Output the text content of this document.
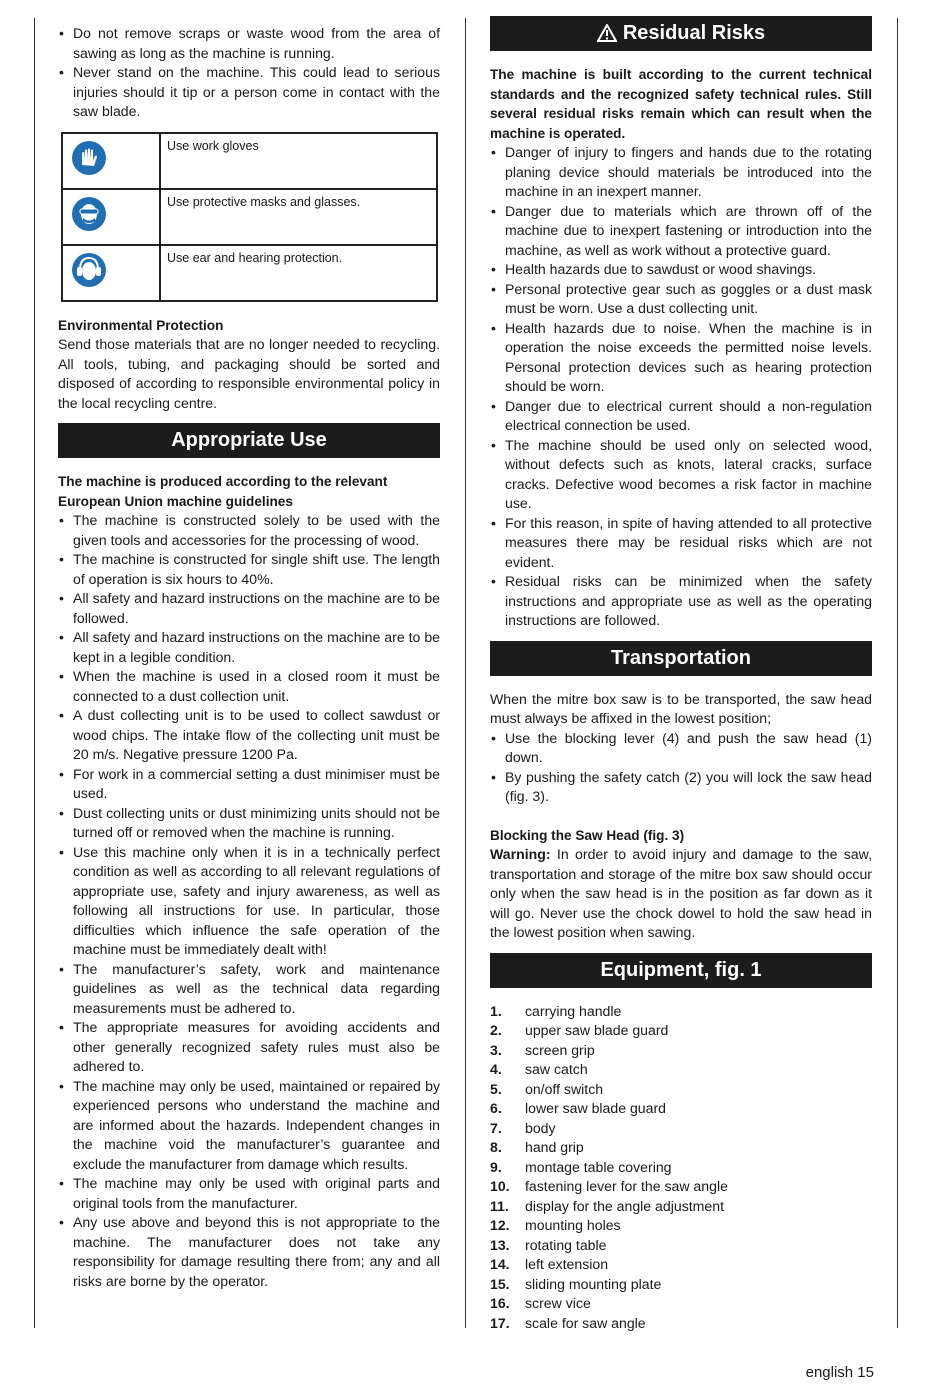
• Do not remove scraps or waste wood from the area of sawing as long as the machine is running.
• Never stand on the machine. This could lead to serious injuries should it tip or a person come in contact with the saw blade.
	Use work gloves

	Use protective masks and glasses.

	Use ear and hearing protection.
Environmental Protection
Send those materials that are no longer needed to recycling. All tools, tubing, and packaging should be sorted and disposed of according to responsible environmental policy in the local recycling centre.
Appropriate Use
The machine is produced according to the relevant European Union machine guidelines
• The machine is constructed solely to be used with the given tools and accessories for the processing of wood.
• The machine is constructed for single shift use. The length of operation is six hours to 40%.
• All safety and hazard instructions on the machine are to be followed.
• All safety and hazard instructions on the machine are to be kept in a legible condition.
• When the machine is used in a closed room it must be connected to a dust collection unit.
• A dust collecting unit is to be used to collect sawdust or wood chips. The intake flow of the collecting unit must be 20 m/s. Negative pressure 1200 Pa.
• For work in a commercial setting a dust minimiser must be used.
• Dust collecting units or dust minimizing units should not be turned off or removed when the machine is running.
• Use this machine only when it is in a technically perfect condition as well as according to all relevant regulations of appropriate use, safety and injury awareness, as well as following all instructions for use. In particular, those difficulties which influence the safe operation of the machine must be immediately dealt with!
• The manufacturer’s safety, work and maintenance guidelines as well as the technical data regarding measurements must be adhered to.
• The appropriate measures for avoiding accidents and other generally recognized safety rules must also be adhered to.
• The machine may only be used, maintained or repaired by experienced persons who understand the machine and are informed about the hazards. Independent changes in the machine void the manufacturer’s guarantee and exclude the manufacturer from damage which results.
• The machine may only be used with original parts and original tools from the manufacturer.
• Any use above and beyond this is not appropriate to the machine. The manufacturer does not take any responsibility for damage resulting there from; any and all risks are borne by the operator.
Residual Risks
The machine is built according to the current technical standards and the recognized safety technical rules. Still several residual risks remain which can result when the machine is operated.
• Danger of injury to fingers and hands due to the rotating planing device should materials be introduced into the machine in an inexpert manner.
• Danger due to materials which are thrown off of the machine due to inexpert fastening or introduction into the machine, as well as work without a protective guard.
• Health hazards due to sawdust or wood shavings.
• Personal protective gear such as goggles or a dust mask must be worn. Use a dust collecting unit.
• Health hazards due to noise. When the machine is in operation the noise exceeds the permitted noise levels. Personal protection devices such as hearing protection should be worn.
• Danger due to electrical current should a non-regulation electrical connection be used.
• The machine should be used only on selected wood, without defects such as knots, lateral cracks, surface cracks. Defective wood becomes a risk factor in machine use.
• For this reason, in spite of having attended to all protective measures there may be residual risks which are not evident.
• Residual risks can be minimized when the safety instructions and appropriate use as well as the operating instructions are followed.
Transportation
When the mitre box saw is to be transported, the saw head must always be affixed in the lowest position;
• Use the blocking lever (4) and push the saw head (1) down.
• By pushing the safety catch (2) you will lock the saw head (fig. 3).
Blocking the Saw Head (fig. 3)
Warning: In order to avoid injury and damage to the saw, transportation and storage of the mitre box saw should occur only when the saw head is in the position as far down as it will go. Never use the chock dowel to hold the saw head in the lowest position when sawing.
Equipment, fig. 1
1.	carrying handle
2.	upper saw blade guard
3.	screen grip
4.	saw catch
5.	on/off switch
6.	lower saw blade guard
7.	body
8.	hand grip
9.	montage table covering
10.	fastening lever for the saw angle
11.	display for the angle adjustment
12.	mounting holes
13.	rotating table
14.	left extension
15.	sliding mounting plate
16.	screw vice
17.	scale for saw angle
english 15
